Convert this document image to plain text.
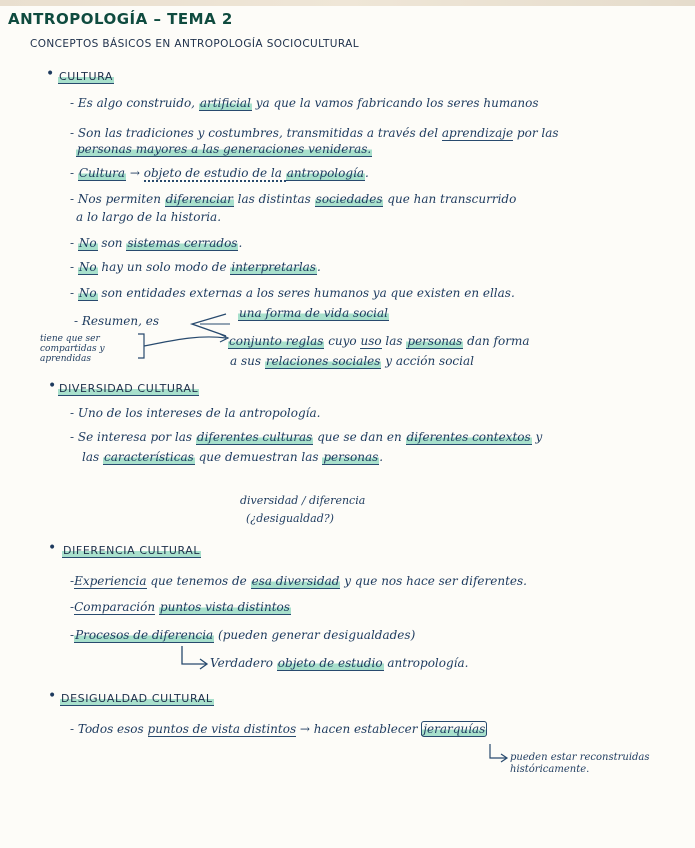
ANTROPOLOGÍA – TEMA 2
CONCEPTOS BÁSICOS EN ANTROPOLOGÍA SOCIOCULTURAL
• CULTURA
- Es algo construido, artificial ya que la vamos fabricando los seres humanos
- Son las tradiciones y costumbres, transmitidas a través del aprendizaje por las
personas mayores a las generaciones venideras.
- Cultura → objeto de estudio de la antropología.
- Nos permiten diferenciar las distintas sociedades que han transcurrido
a lo largo de la historia.
- No son sistemas cerrados.
- No hay un solo modo de interpretarlas.
- No son entidades externas a los seres humanos ya que existen en ellas.
- Resumen, es
una forma de vida social
conjunto reglas cuyo uso las personas dan forma
a sus relaciones sociales y acción social
tiene que ser compartidas y aprendidas
• DIVERSIDAD CULTURAL
- Uno de los intereses de la antropología.
- Se interesa por las diferentes culturas que se dan en diferentes contextos y
las características que demuestran las personas.
diversidad / diferencia
(¿desigualdad?)
• DIFERENCIA CULTURAL
-Experiencia que tenemos de esa diversidad y que nos hace ser diferentes.
-Comparación puntos vista distintos
-Procesos de diferencia (pueden generar desigualdades)
Verdadero objeto de estudio antropología.
• DESIGUALDAD CULTURAL
- Todos esos puntos de vista distintos → hacen establecer jerarquías
pueden estar reconstruidas históricamente.
